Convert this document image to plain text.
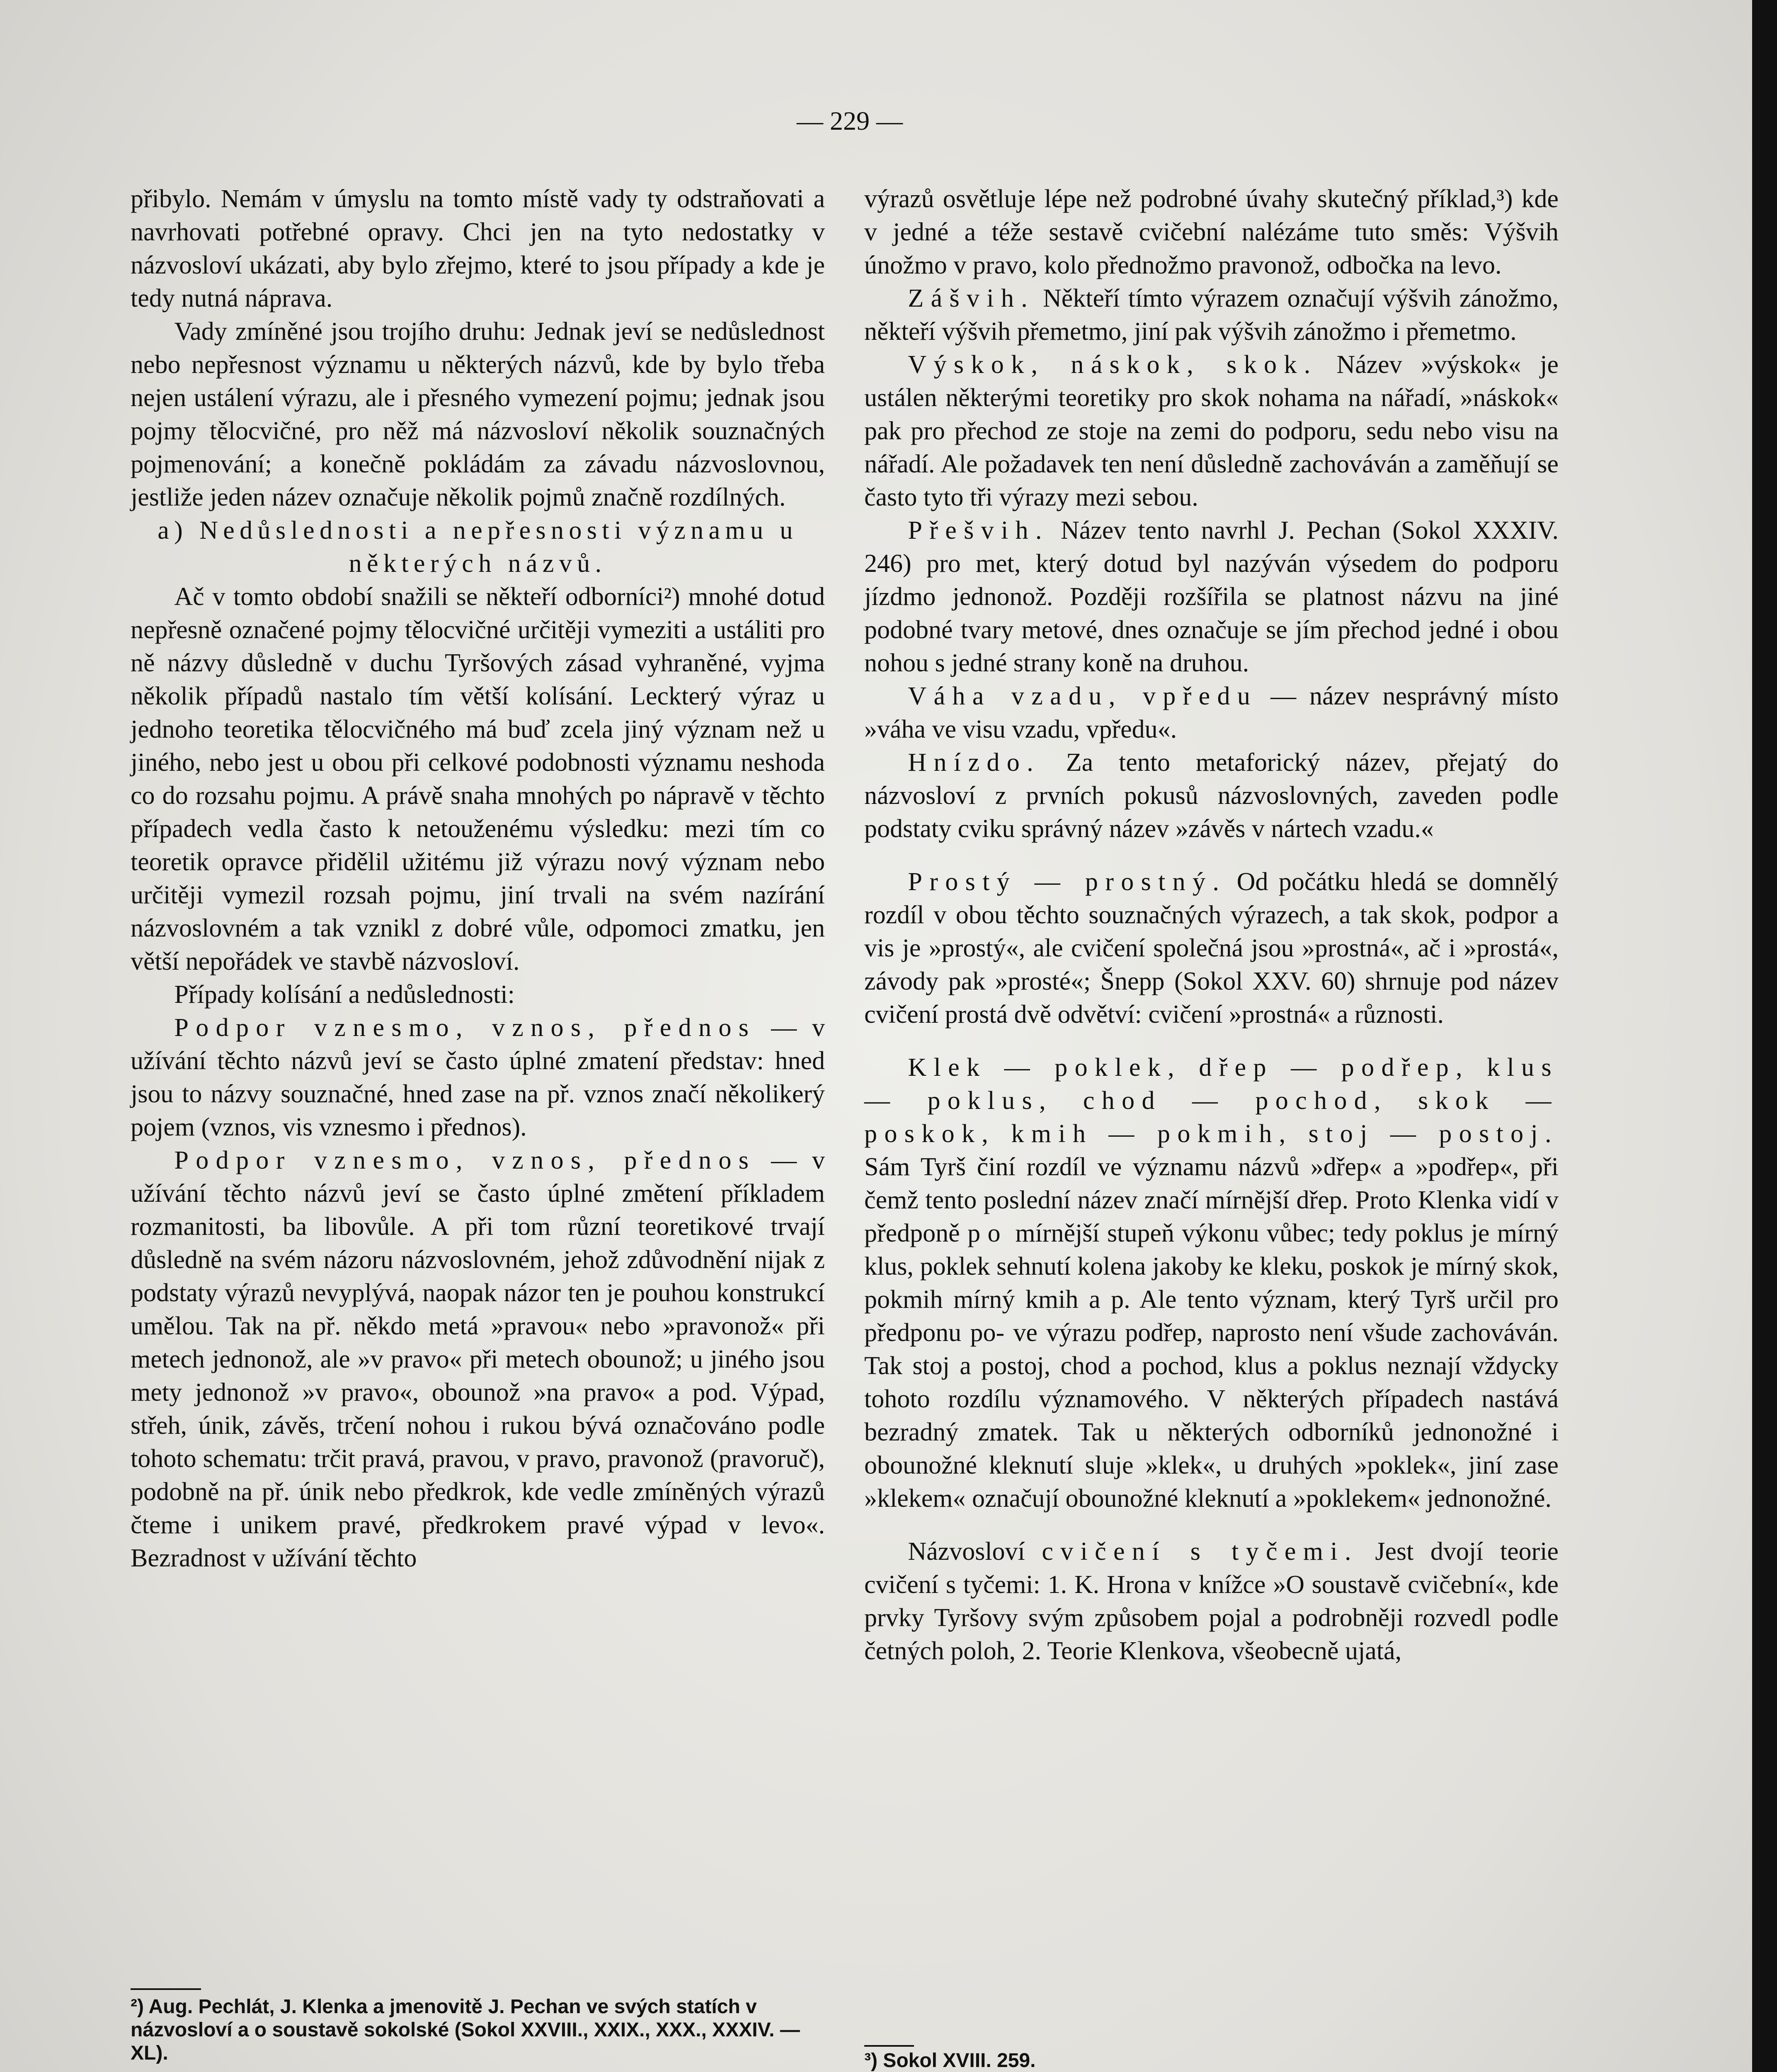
— 229 —

přibylo. Nemám v úmyslu na tomto místě vady ty odstraňovati a navrhovati potřebné opravy. Chci jen na tyto nedostatky v názvosloví ukázati, aby bylo zřejmo, které to jsou případy a kde je tedy nutná náprava.

Vady zmíněné jsou trojího druhu: Jednak jeví se nedůslednost nebo nepřesnost významu u některých názvů, kde by bylo třeba nejen ustálení výrazu, ale i přesného vymezení pojmu; jednak jsou pojmy tělocvičné, pro něž má názvosloví několik souznačných pojmenování; a konečně pokládám za závadu názvoslovnou, jestliže jeden název označuje několik pojmů značně rozdílných.

a) Nedůslednosti a nepřesnosti významu u některých názvů.

Ač v tomto období snažili se někteří odborníci²) mnohé dotud nepřesně označené pojmy tělocvičné určitěji vymeziti a ustáliti pro ně názvy důsledně v duchu Tyršových zásad vyhraněné, vyjma několik případů nastalo tím větší kolísání. Leckterý výraz u jednoho teoretika tělocvičného má buď zcela jiný význam než u jiného, nebo jest u obou při celkové podobnosti významu neshoda co do rozsahu pojmu. A právě snaha mnohých po nápravě v těchto případech vedla často k netouženému výsledku: mezi tím co teoretik opravce přidělil užitému již výrazu nový význam nebo určitěji vymezil rozsah pojmu, jiní trvali na svém nazírání názvoslovném a tak vznikl z dobré vůle, odpomoci zmatku, jen větší nepořádek ve stavbě názvosloví.

Případy kolísání a nedůslednosti:

Podpor vznesmo, vznos, přednos — v užívání těchto názvů jeví se často úplné zmatení představ: hned jsou to názvy souznačné, hned zase na př. vznos značí několikerý pojem (vznos, vis vznesmo i přednos).

Podpor vznesmo, vznos, přednos — v užívání těchto názvů jeví se často úplné změtení příkladem rozmanitosti, ba libovůle. A při tom různí teoretikové trvají důsledně na svém názoru názvoslovném, jehož zdůvodnění nijak z podstaty výrazů nevyplývá, naopak názor ten je pouhou konstrukcí umělou. Tak na př. někdo metá »pravou« nebo »pravonož« při metech jednonož, ale »v pravo« při metech obounož; u jiného jsou mety jednonož »v pravo«, obounož »na pravo« a pod. Výpad, střeh, únik, závěs, trčení nohou i rukou bývá označováno podle tohoto schematu: trčit pravá, pravou, v pravo, pravonož (pravoruč), podobně na př. únik nebo předkrok, kde vedle zmíněných výrazů čteme i unikem pravé, předkrokem pravé výpad v levo«. Bezradnost v užívání těchto

²) Aug. Pechlát, J. Klenka a jmenovitě J. Pechan ve svých statích v názvosloví a o soustavě sokolské (Sokol XXVIII., XXIX., XXX., XXXIV. — XL).

výrazů osvětluje lépe než podrobné úvahy skutečný příklad,³) kde v jedné a téže sestavě cvičební nalézáme tuto směs: Výšvih únožmo v pravo, kolo přednožmo pravonož, odbočka na levo.

Zášvih. Někteří tímto výrazem označují výšvih zánožmo, někteří výšvih přemetmo, jiní pak výšvih zánožmo i přemetmo.

Výskok, náskok, skok. Název »výskok« je ustálen některými teoretiky pro skok nohama na nářadí, »náskok« pak pro přechod ze stoje na zemi do podporu, sedu nebo visu na nářadí. Ale požadavek ten není důsledně zachováván a zaměňují se často tyto tři výrazy mezi sebou.

Přešvih. Název tento navrhl J. Pechan (Sokol XXXIV. 246) pro met, který dotud byl nazýván výsedem do podporu jízdmo jednonož. Později rozšířila se platnost názvu na jiné podobné tvary metové, dnes označuje se jím přechod jedné i obou nohou s jedné strany koně na druhou.

Váha vzadu, vpředu — název nesprávný místo »váha ve visu vzadu, vpředu«.

Hnízdo. Za tento metaforický název, přejatý do názvosloví z prvních pokusů názvoslovných, zaveden podle podstaty cviku správný název »závěs v nártech vzadu.«

Prostý — prostný. Od počátku hledá se domnělý rozdíl v obou těchto souznačných výrazech, a tak skok, podpor a vis je »prostý«, ale cvičení společná jsou »prostná«, ač i »prostá«, závody pak »prosté«; Šnepp (Sokol XXV. 60) shrnuje pod název cvičení prostá dvě odvětví: cvičení »prostná« a různosti.

Klek — poklek, dřep — podřep, klus — poklus, chod — pochod, skok — poskok, kmih — pokmih, stoj — postoj. Sám Tyrš činí rozdíl ve významu názvů »dřep« a »podřep«, při čemž tento poslední název značí mírnější dřep. Proto Klenka vidí v předponě po mírnější stupeň výkonu vůbec; tedy poklus je mírný klus, poklek sehnutí kolena jakoby ke kleku, poskok je mírný skok, pokmih mírný kmih a p. Ale tento význam, který Tyrš určil pro předponu po- ve výrazu podřep, naprosto není všude zachováván. Tak stoj a postoj, chod a pochod, klus a poklus neznají vždycky tohoto rozdílu významového. V některých případech nastává bezradný zmatek. Tak u některých odborníků jednonožné i obounožné kleknutí sluje »klek«, u druhých »poklek«, jiní zase »klekem« označují obounožné kleknutí a »poklekem« jednonožné.

Názvosloví cvičení s tyčemi. Jest dvojí teorie cvičení s tyčemi: 1. K. Hrona v knížce »O soustavě cvičební«, kde prvky Tyršovy svým způsobem pojal a podrobněji rozvedl podle četných poloh, 2. Teorie Klenkova, všeobecně ujatá,

³) Sokol XVIII. 259.
